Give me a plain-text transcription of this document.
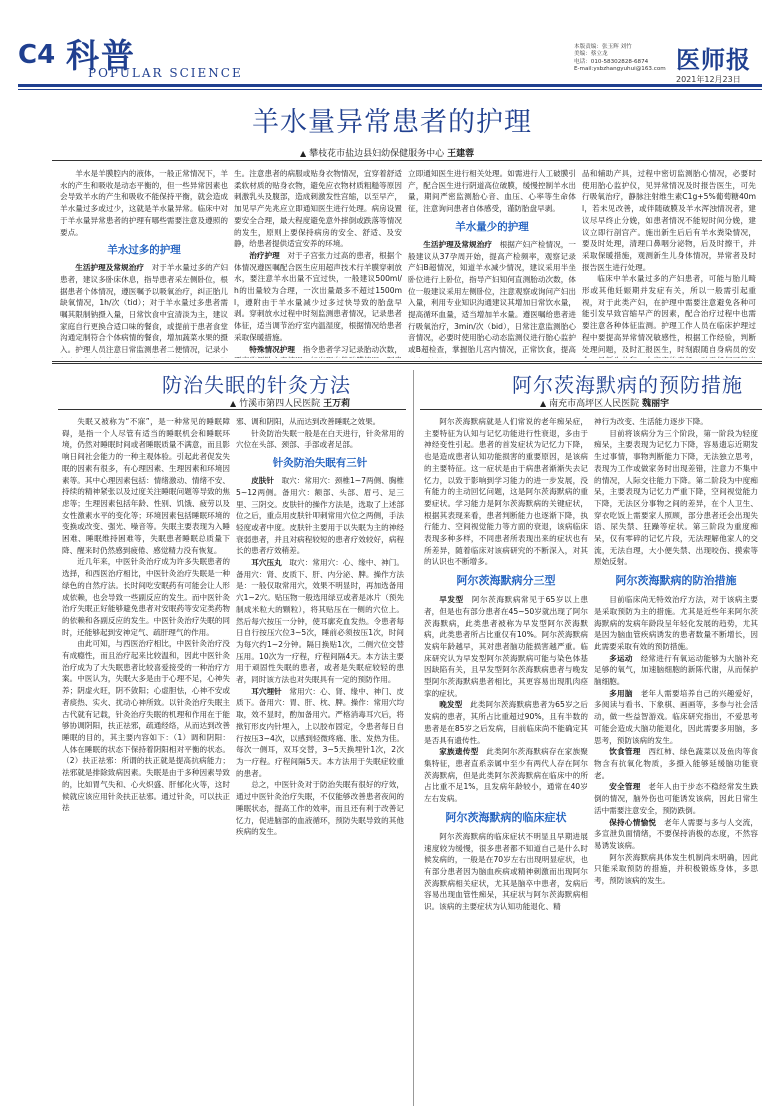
C4 科普
POPULAR SCIENCE
本版责编：张玉辉 刘竹
美编：蔡立龙
电话：010-58302828-6874
E-mail:ysbzhangyuhui@163.com 医师报
2021年12月23日
羊水量异常患者的护理
▲ 攀枝花市盐边县妇幼保健服务中心 王建蓉

羊水是羊膜腔内的液体，一般正常情况下，羊水的产生和吸收是动态平衡的，但一些异常因素也会导致羊水的产生和吸收不能保持平衡，就会造成羊水量过多或过少，这就是羊水量异常。临床中对于羊水量异常患者的护理有哪些需要注意及遵照的要点。

羊水过多的护理

生活护理及常规治疗  对于羊水量过多的产妇患者，建议多卧床休息，指导患者采左侧卧位，根据患者个体情况，遵医嘱予以吸氧治疗，纠正胎儿缺氧情况，1h/次（tid）；对于羊水量过多患者需嘱其限制钠摄入量，日常饮食中宜清淡为主，建议家庭自行更换合适口味的餐食，或提前于患者食堂沟通定制符合个体病情的餐食，增加蔬菜水果的摄入。护理人员注意日常监测患者二便情况，记录小

生。注意患者的病服或贴身衣物情况，宜穿着舒适柔软材质的贴身衣物，避免应衣物材质粗糙等原因刺激乳头及腹部，造成刺激发性宫缩，以至早产，加见早产先兆应立即通知医生进行处理。病房设置要安全合理，最大程度避免意外摔倒或跌落等情况的发生，原则上要保持病房的安全、舒适、及安静，给患者提供适宜安养的环境。

治疗护理  对于子宫张力过高的患者，根据个体情况遵医嘱配合医生应用超声技术行羊膜穿刺放水，要注意羊水出量不宜过快，一般建议500ml/h的出量较为合理，一次出量最多不超过1500ml，遵附由于羊水量减少过多过快导致的胎盘早剥。穿刺放水过程中时刻监测患者情况，记录患者体征，适当调节治疗室内温湿度，根据情况给患者采取保暖措施。

特殊情况护理  指令患者学习记录胎动次数，

立即通知医生进行相关处理。如需进行人工破膜引产，配合医生进行阴道高位破膜，缓慢控制羊水出量，期间严密监测胎心音、血压、心率等生命体征，注意询问患者自体感受，谨防胎盘早剥。

羊水量少的护理

生活护理及常规治疗  根据产妇产检情况，一般建议从37孕周开始，提高产检频率，观察记录产妇B超情况，知道羊水减少情况，建议采用半坐卧位进行上卧位，指导产妇知何直测胎动次数，体位一般建议采用左侧卧位，注意观察或询问产妇出入量，利用专业知识沟通建议其增加日常饮水量，提高循环血量，适当增加羊水量。遵医嘱给患者进行吸氧治疗，3min/次（bid），日常注意监测胎心音情况，必要时使用胎心动态监测仪进行胎心监护或B超检查，掌握胎儿宫内情况，正常饮食，提高

品和辅助产具，过程中密切监测胎心情况，必要时使用胎心监护仪，见异常情况及时报告医生，可先行吸氧治疗，静脉注射维生素C1g+5%葡萄糖40ml，若未见改善，或伴随破膜及羊水浑浊情况者，建议尽早终止分娩，如患者情况不能短时间分娩，建议立即行剖宫产。施出新生后后有羊水粪染情况，要及时处理，清理口鼻咽分泌物，后及时擦干，并采取保暖措施，观测新生儿身体情况，异常者及时报告医生进行处理。

临床中羊水量过多的产妇患者，可能与胎儿畸形或其他妊娠期并发症有关，所以一般需引起重视，对于此类产妇，在护理中需要注意避免各种可能引发早致宫缩早产的因素，配合治疗过程中也需要注意各种体征监测。护理工作人员在临床护理过程中要提高异常情况敏感性，根据工作经验，判断处理问题，及时汇报医生，时刻跟随自身病员的安

防治失眠的针灸方法
▲ 竹溪市第四人民医院 王万莉

失眠又被称为“不寐”，是一种常见的睡眠障碍，是指一个人尽管有适当的睡眠机会和睡眠环境，仍然对睡眠时间或者睡眠质量不满意，而且影响日间社会能力的一种主观体验。引起此者促发失眠的因素有很多，有心理因素、生理因素和环境因素等。其中心理因素包括：情绪激动、情绪不安、持续的精神紧张以及过度关注睡眠问题等导致的焦虑等；生理因素包括年龄、性别、饥饿、疲劳以及女性激素水平的变化等；环境因素包括睡眠环境的变换或改变、强光、噪音等。失眠主要表现为入睡困难、睡眠维持困难等，失眠患者睡眠总质量下降、醒来时仍然感到疲倦、感觉精力没有恢复。

近几年来，中医针灸治疗成为许多失眠患者的选择，和西医治疗相比，中医针灸治疗失眠是一种绿色的自然疗法。长时间吃安眠药有可能会让人形成依赖，也会导致一些副反应的发生。而中医针灸治疗失眠正好能够避免患者对安眠药等安定类药物的依赖和各副反应的发生。中医针灸治疗失眠的同时，还能够起到安神定气、疏肝理气的作用。

由此可知，与西医治疗相比，中医针灸治疗没有成瘾性，而且治疗起来比较温和，因此中医针灸治疗成为了大失眠患者比较喜爱接受的一种治疗方案。中医认为，失眠大多是由于心理不足，心神失养；阴虚火旺，阴不敛阳；心虚胆怯，心神不安或者痰热、实火、扰动心神所致。以针灸治疗失眠主古代就有记载，针灸治疗失眠的机理和作用在于能够协调阴阳，扶正祛邪，疏通经络，从而达到改善睡眠的目的，其主要内容如下：（1）调和阴阳：人体在睡眠的状态下保持着阴阳相对平衡的状态。（2）扶正祛邪：所谓的扶正就是提高抗病能力；祛邪就是排除致病因素。失眠是由于多种因素导致的，比如胃气失和、心火炽盛、肝郁化火等，这时候就应该应用针灸扶正祛邪。通过针灸，可以扶正祛

邪、调和阴阳，从而达到改善睡眠之效果。

针灸防治失眠一般是在白天进行，针灸常用的穴位在头部、颈部、手部或者足部。

针灸防治失眠有三针

皮肤针  取穴：常用穴：颈椎1~7两侧、胸椎5~12两侧。备用穴：额部、头部、眉弓、足三里、三阴交。皮肤针的操作方法是，选取了上述部位之后，重点用皮肤针叩刺常用穴位之两侧，手法轻度或者中度。皮肤针主要用于以失眠为主的神经衰弱患者，并且对病程较短的患者疗效较好，病程长的患者疗效稍差。

耳穴压丸  取穴：常用穴：心、缘中、神门。备用穴：肾、皮质下、肝、内分泌、脾。操作方法是：一般仅取常用穴，效果不明显时，再加选备用穴1~2穴。贴压物一般选用绿豆或者是冰片（预先制成米粒大的颗粒），将其贴压在一侧的穴位上。然后每穴按压一分钟，使耳廓充血发热。令患者每日自行按压穴位3~5次，睡前必须按压1次，时间为每穴约1~2分钟。隔日换贴1次，二侧穴位交替压用。10次为一疗程，疗程间隔4天。本方法主要用于顽固性失眠的患者，或者是失眠症较轻的患者，同时该方法也对失眠具有一定的预防作用。

耳穴埋针  常用穴：心、肾、缘中、神门、皮质下。备用穴：胃、肝、枕、脾。操作：常用穴均取，效不显时，酌加备用穴。严格消毒耳穴后，将揿钉形皮内针埋入，上以胶布固定，令患者每日自行按压3~4次，以感到轻微疼痛、胀、发热为佳。每次一侧耳，双耳交替，3~5天换埋针1次，2次为一疗程。疗程间隔5天。本方法用于失眠症较重的患者。

总之，中医针灸对于防治失眠有很好的疗效，通过中医针灸治疗失眠，不仅能够改善患者夜间的睡眠状态，提高工作的效率，而且还有利于改善记忆力，促进脑部的血液循环，预防失眠导致的其他疾病的发生。

阿尔茨海默病的预防措施
▲ 南充市高坪区人民医院 魏丽宇

阿尔茨海默病就是人们常说的老年痴呆症，主要特征为认知与记忆功能进行性衰退，多由于神经变性引起。患者的首发症状为记忆力下降，也是造成患者认知功能损害的重要原因，是该病的主要特征。这一症状是由于病患者渐渐失去记忆力，以致于影响到学习能力的进一步发展，没有能力的主动回忆问题，这是阿尔茨海默病的重要症状。学习能力是阿尔茨海默病的关键症状，根据其表现来看，患者判断能力也逐渐下降，执行能力、空间视觉能力等方面的衰退，该病临床表现多种多样，不同患者所表现出来的症状也有所差异，随着临床对该病研究的不断深入，对其的认识也不断增多。

阿尔茨海默病分三型

早发型  阿尔茨海默病常见于65岁以上患者，但是也有部分患者在45~50岁就出现了阿尔茨海默病，此类患者被称为早发型阿尔茨海默病，此类患者所占比重仅有10%。阿尔茨海默病发病年龄越早，其对患者脑功能损害越严重。临床研究认为早发型阿尔茨海默病可能与染色体基因缺陷有关，且早发型阿尔茨海默病患者与晚发型阿尔茨海默病患者相比，其更容易出现肌肉痉挛的症状。

晚发型  此类阿尔茨海默病患者为65岁之后发病的患者，其所占比重超过90%，且有半数的患者是在85岁之后发病，目前临床尚不能确定其是否具有遗传性。

家族遗传型  此类阿尔茨海默病存在家族聚集特征，患者直系亲属中至少有两代人存在阿尔茨海默病，但是此类阿尔茨海默病在临床中的所占比重不足1%，且发病年龄较小，通常在40岁左右发病。

阿尔茨海默病的临床症状

阿尔茨海默病的临床症状不明显且早期进展速度较为缓慢，很多患者都不知道自己是什么时候发病的，一般是在70岁左右出现明显症状，也有部分患者因为脑血疾病或精神刺激而出现阿尔茨海默病相关症状，尤其是脑卒中患者，发病后容易出现血管性痴呆，其症状与阿尔茨海默病相识。该病的主要症状为认知功能退化、精

神行为改变、生活能力逐步下降。

目前将该病分为三个阶段，第一阶段为轻度痴呆，主要表现为记忆力下降，容易遗忘近期发生过事情，事物判断能力下降，无法独立思考，表现为工作或做家务时出现差错，注意力不集中的情况，人际交往能力下降。第二阶段为中度痴呆，主要表现为记忆力严重下降，空间视觉能力下降，无法区分事物之间的差异，在个人卫生、穿衣吃饭上需要家人照顾，部分患者还会出现失语、尿失禁、狂躁等症状。第三阶段为重度痴呆，仅有零碎的记忆片段，无法理解他家人的交流，无法自理，大小便失禁、出现咬伤、摸索等原始反射。

阿尔茨海默病的防治措施

目前临床尚无特效治疗方法，对于该病主要是采取预防为主的措施。尤其是近些年来阿尔茨海默病的发病年龄段呈年轻化发展的趋势，尤其是因为脑血管疾病诱发的患者数量不断增长，因此需要采取有效的预防措施。

多运动  经常进行有氧运动能够为大脑补充足够的氧气，加速脑细胞的新陈代谢，从而保护脑细胞。

多用脑  老年人需要培养自己的兴趣爱好，多阅读与看书、下象棋、画画等，多参与社会活动，做一些益智游戏。临床研究指出，不爱思考可能会造成大脑功能退化，因此需要多用脑，多思考，预防该病的发生。

饮食管理  西红柿、绿色蔬菜以及鱼肉等食物含有抗氧化物质，多摄入能够延缓脑功能衰老。

安全管理  老年人由于步态不稳经常发生跌倒的情况，脑外伤也可能诱发该病，因此日常生活中需要注意安全，预防跌倒。

保持心情愉悦  老年人需要与多与人交流，多宣泄负面情绪，不要保持消极的态度，不然容易诱发该病。

阿尔茨海默病具体发生机制尚未明确，因此只能采取预防的措施，并积极锻炼身体，多思考，预防该病的发生。
